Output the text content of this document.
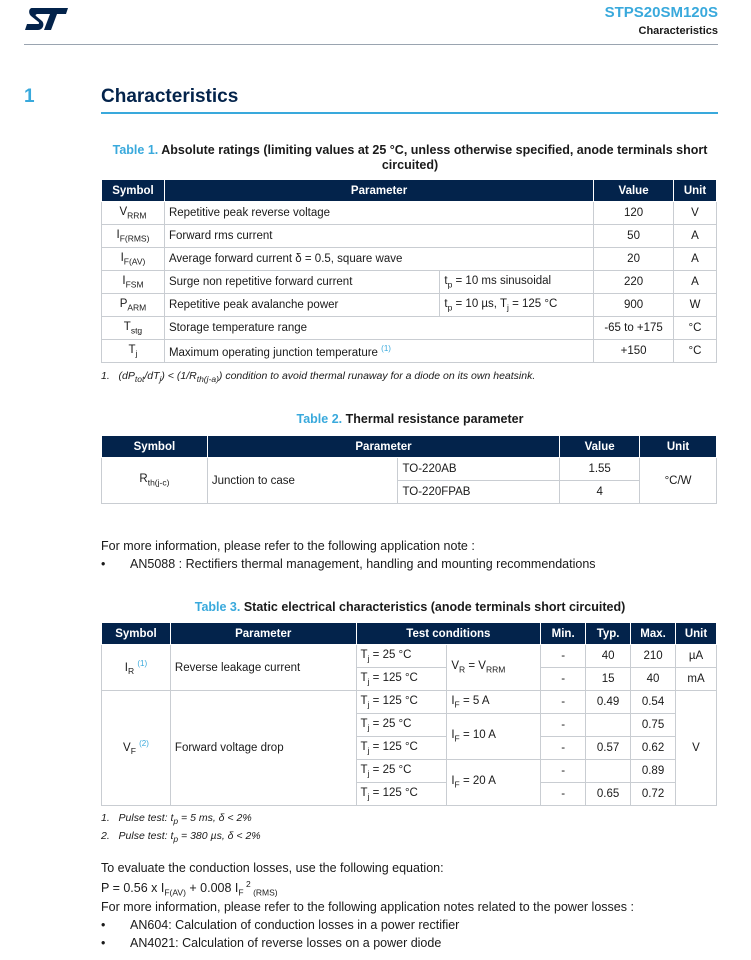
STPS20SM120S
Characteristics
1	Characteristics
Table 1. Absolute ratings (limiting values at 25 °C, unless otherwise specified, anode terminals short circuited)
Symbol	Parameter		Value	Unit
$V_{RRM}$	Repetitive peak reverse voltage		120	V
$I_{F(RMS)}$	Forward rms current		50	A
$I_{F(AV)}$	Average forward current δ = 0.5, square wave		20	A
$I_{FSM}$	Surge non repetitive forward current	$t_p = 10$ ms sinusoidal	220	A
$P_{ARM}$	Repetitive peak avalanche power	$t_p = 10$ µs, $T_j = 125$ °C	900	W
$T_{stg}$	Storage temperature range		-65 to +175	°C
$T_j$	Maximum operating junction temperature $^{(1)}$		+150	°C
1. $(dP_{tot}/dT_j) < (1/R_{th(j-a)})$ condition to avoid thermal runaway for a diode on its own heatsink.
Table 2. Thermal resistance parameter
Symbol	Parameter		Value	Unit
$R_{th(j-c)}$	Junction to case	TO-220AB	1.55	°C/W
		TO-220FPAB	4	
For more information, please refer to the following application note :
• AN5088 : Rectifiers thermal management, handling and mounting recommendations
Table 3. Static electrical characteristics (anode terminals short circuited)
Symbol	Parameter	Test conditions		Min.	Typ.	Max.	Unit
$I_R$ $^{(1)}$	Reverse leakage current	$T_j = 25$ °C	$V_R = V_{RRM}$	-	40	210	µA
		$T_j = 125$ °C		-	15	40	mA
$V_F$ $^{(2)}$	Forward voltage drop	$T_j = 125$ °C	$I_F = 5$ A	-	0.49	0.54	V
		$T_j = 25$ °C	$I_F = 10$ A	-		0.75	
		$T_j = 125$ °C		-	0.57	0.62	
		$T_j = 25$ °C	$I_F = 20$ A	-		0.89	
		$T_j = 125$ °C		-	0.65	0.72	
1. Pulse test: $t_p = 5$ ms, δ < 2%
2. Pulse test: $t_p = 380$ µs, δ < 2%
To evaluate the conduction losses, use the following equation:
P = 0.56 x $I_{F(AV)} + 0.008$ $I_F$ $^2$ $_{(RMS)}$
For more information, please refer to the following application notes related to the power losses :
• AN604: Calculation of conduction losses in a power rectifier
• AN4021: Calculation of reverse losses on a power diode
